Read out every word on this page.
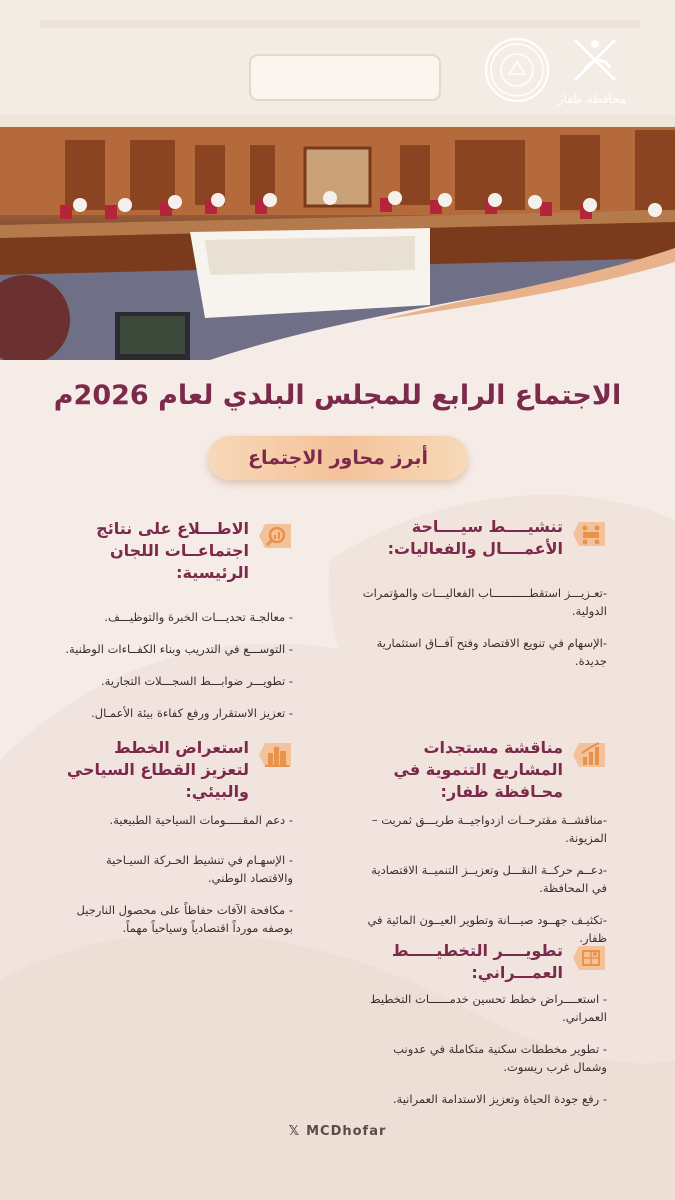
محافظة ظفار
الاجتماع الرابع للمجلس البلدي لعام 2026م
أبرز محاور الاجتماع
تنشيــــط سيــــاحة الأعمــــال والفعاليات:
-تعـزيـــز استقطـــــــــــاب الفعاليـــات والمؤتمرات الدولية.
-الإسهام في تنويع الاقتصاد وفتح آفــاق استثمارية جديدة.
الاطـــلاع على نتائج اجتماعــات اللجان الرئيسية:
- معالجـة تحديـــات الخبرة والتوظيـــف.
- التوســـع في التدريب وبناء الكفــاءات الوطنية.
- تطويـــر ضوابـــط السجـــلات التجارية.
- تعزيز الاستقرار ورفع كفاءة بيئة الأعمـال.
مناقشة مستجدات المشاريع التنموية في محـافظة ظفار:
-مناقشــة مقترحــات ازدواجيــة طريـــق ثمريت – المزيونة.
-دعــم حركــة النقـــل وتعزيــز التنميــة الاقتصادية في المحافظة.
-تكثيـف جهــود صيـــانة وتطوير العيــون المائية في ظفار.
استعراض الخطط لتعزيز القطاع السياحي والبيئي:
- دعم المقـــــومات السياحية الطبيعية.
- الإسهـام في تنشيط الحـركة السيـاحية والاقتصاد الوطني.
- مكافحة الآفات حفاظاً على محصول النارجيل بوصفه مورداً اقتصادياً وسياحياً مهماً.
تطويــــر التخطيـــــط العمـــراني:
- استعــــراض خطط تحسين خدمــــــات التخطيط العمراني.
- تطوير مخططات سكنية متكاملة في عدونب وشمال غرب ريسوت.
- رفع جودة الحياة وتعزيز الاستدامة العمرانية.
𝕏 MCDhofar
